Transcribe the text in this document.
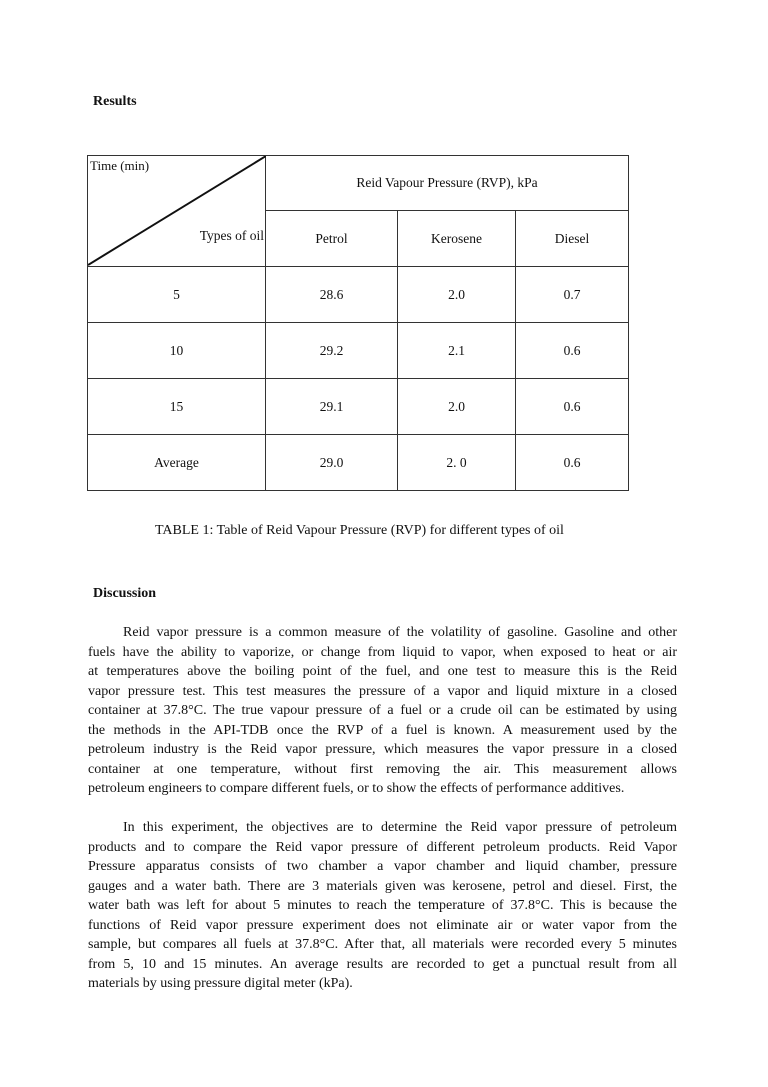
Results
Time (min)
Types of oil	Reid Vapour Pressure (RVP), kPa		
	Petrol	Kerosene	Diesel
5	28.6	2.0	0.7
10	29.2	2.1	0.6
15	29.1	2.0	0.6
Average	29.0	2. 0	0.6
TABLE 1: Table of Reid Vapour Pressure (RVP) for different types of oil
Discussion
Reid vapor pressure is a common measure of the volatility of gasoline. Gasoline and other
fuels have the ability to vaporize, or change from liquid to vapor, when exposed to heat or air
at temperatures above the boiling point of the fuel, and one test to measure this is the Reid
vapor pressure test. This test measures the pressure of a vapor and liquid mixture in a closed
container at 37.8°C. The true vapour pressure of a fuel or a crude oil can be estimated by using
the methods in the API-TDB once the RVP of a fuel is known. A measurement used by the
petroleum industry is the Reid vapor pressure, which measures the vapor pressure in a closed
container at one temperature, without first removing the air. This measurement allows
petroleum engineers to compare different fuels, or to show the effects of performance additives.
In this experiment, the objectives are to determine the Reid vapor pressure of petroleum
products and to compare the Reid vapor pressure of different petroleum products. Reid Vapor
Pressure apparatus consists of two chamber a vapor chamber and liquid chamber, pressure
gauges and a water bath. There are 3 materials given was kerosene, petrol and diesel. First, the
water bath was left for about 5 minutes to reach the temperature of 37.8°C. This is because the
functions of Reid vapor pressure experiment does not eliminate air or water vapor from the
sample, but compares all fuels at 37.8°C. After that, all materials were recorded every 5 minutes
from 5, 10 and 15 minutes. An average results are recorded to get a punctual result from all
materials by using pressure digital meter (kPa).
